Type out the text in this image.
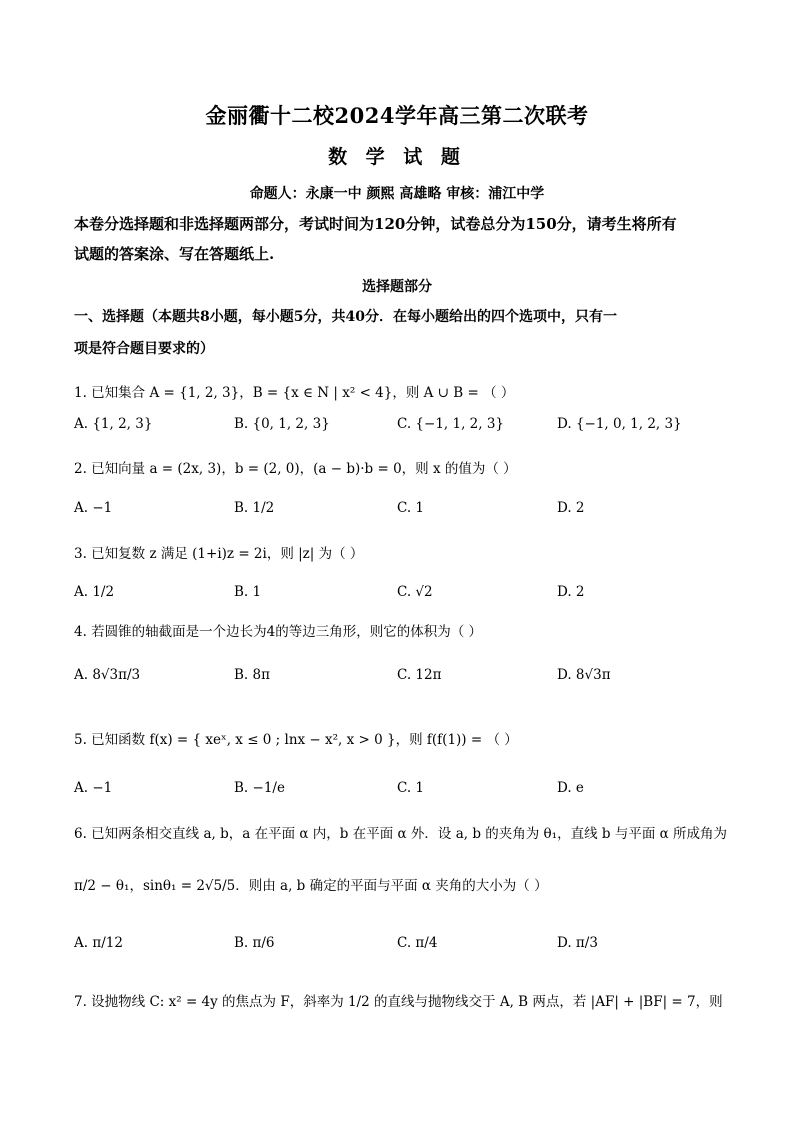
金丽衢十二校2024学年高三第二次联考
数 学 试 题
命题人：永康一中 颜熙 高雄略 审核：浦江中学
本卷分选择题和非选择题两部分，考试时间为120分钟，试卷总分为150分，请考生将所有
试题的答案涂、写在答题纸上.
选择题部分
一、选择题（本题共8小题，每小题5分，共40分．在每小题给出的四个选项中，只有一
项是符合题目要求的）
1. 已知集合 A = {1, 2, 3}，B = {x ∈ N | x² < 4}，则 A ∪ B = （ ）
A. {1, 2, 3}	B. {0, 1, 2, 3}	C. {−1, 1, 2, 3}	D. {−1, 0, 1, 2, 3}
2. 已知向量 a = (2x, 3)，b = (2, 0)，(a − b)·b = 0，则 x 的值为（ ）
A. −1	B. 1/2	C. 1	D. 2
3. 已知复数 z 满足 (1+i)z = 2i，则 |z| 为（ ）
A. 1/2	B. 1	C. √2	D. 2
4. 若圆锥的轴截面是一个边长为4的等边三角形，则它的体积为（ ）
A. 8√3π/3	B. 8π	C. 12π	D. 8√3π
5. 已知函数 f(x) = { xeˣ, x ≤ 0 ; lnx − x², x > 0 }，则 f(f(1)) = （ ）
A. −1	B. −1/e	C. 1	D. e
6. 已知两条相交直线 a, b，a 在平面 α 内，b 在平面 α 外．设 a, b 的夹角为 θ₁，直线 b 与平面 α 所成角为
π/2 − θ₁，sinθ₁ = 2√5/5．则由 a, b 确定的平面与平面 α 夹角的大小为（ ）
A. π/12	B. π/6	C. π/4	D. π/3
7. 设抛物线 C: x² = 4y 的焦点为 F，斜率为 1/2 的直线与抛物线交于 A, B 两点，若 |AF| + |BF| = 7，则
